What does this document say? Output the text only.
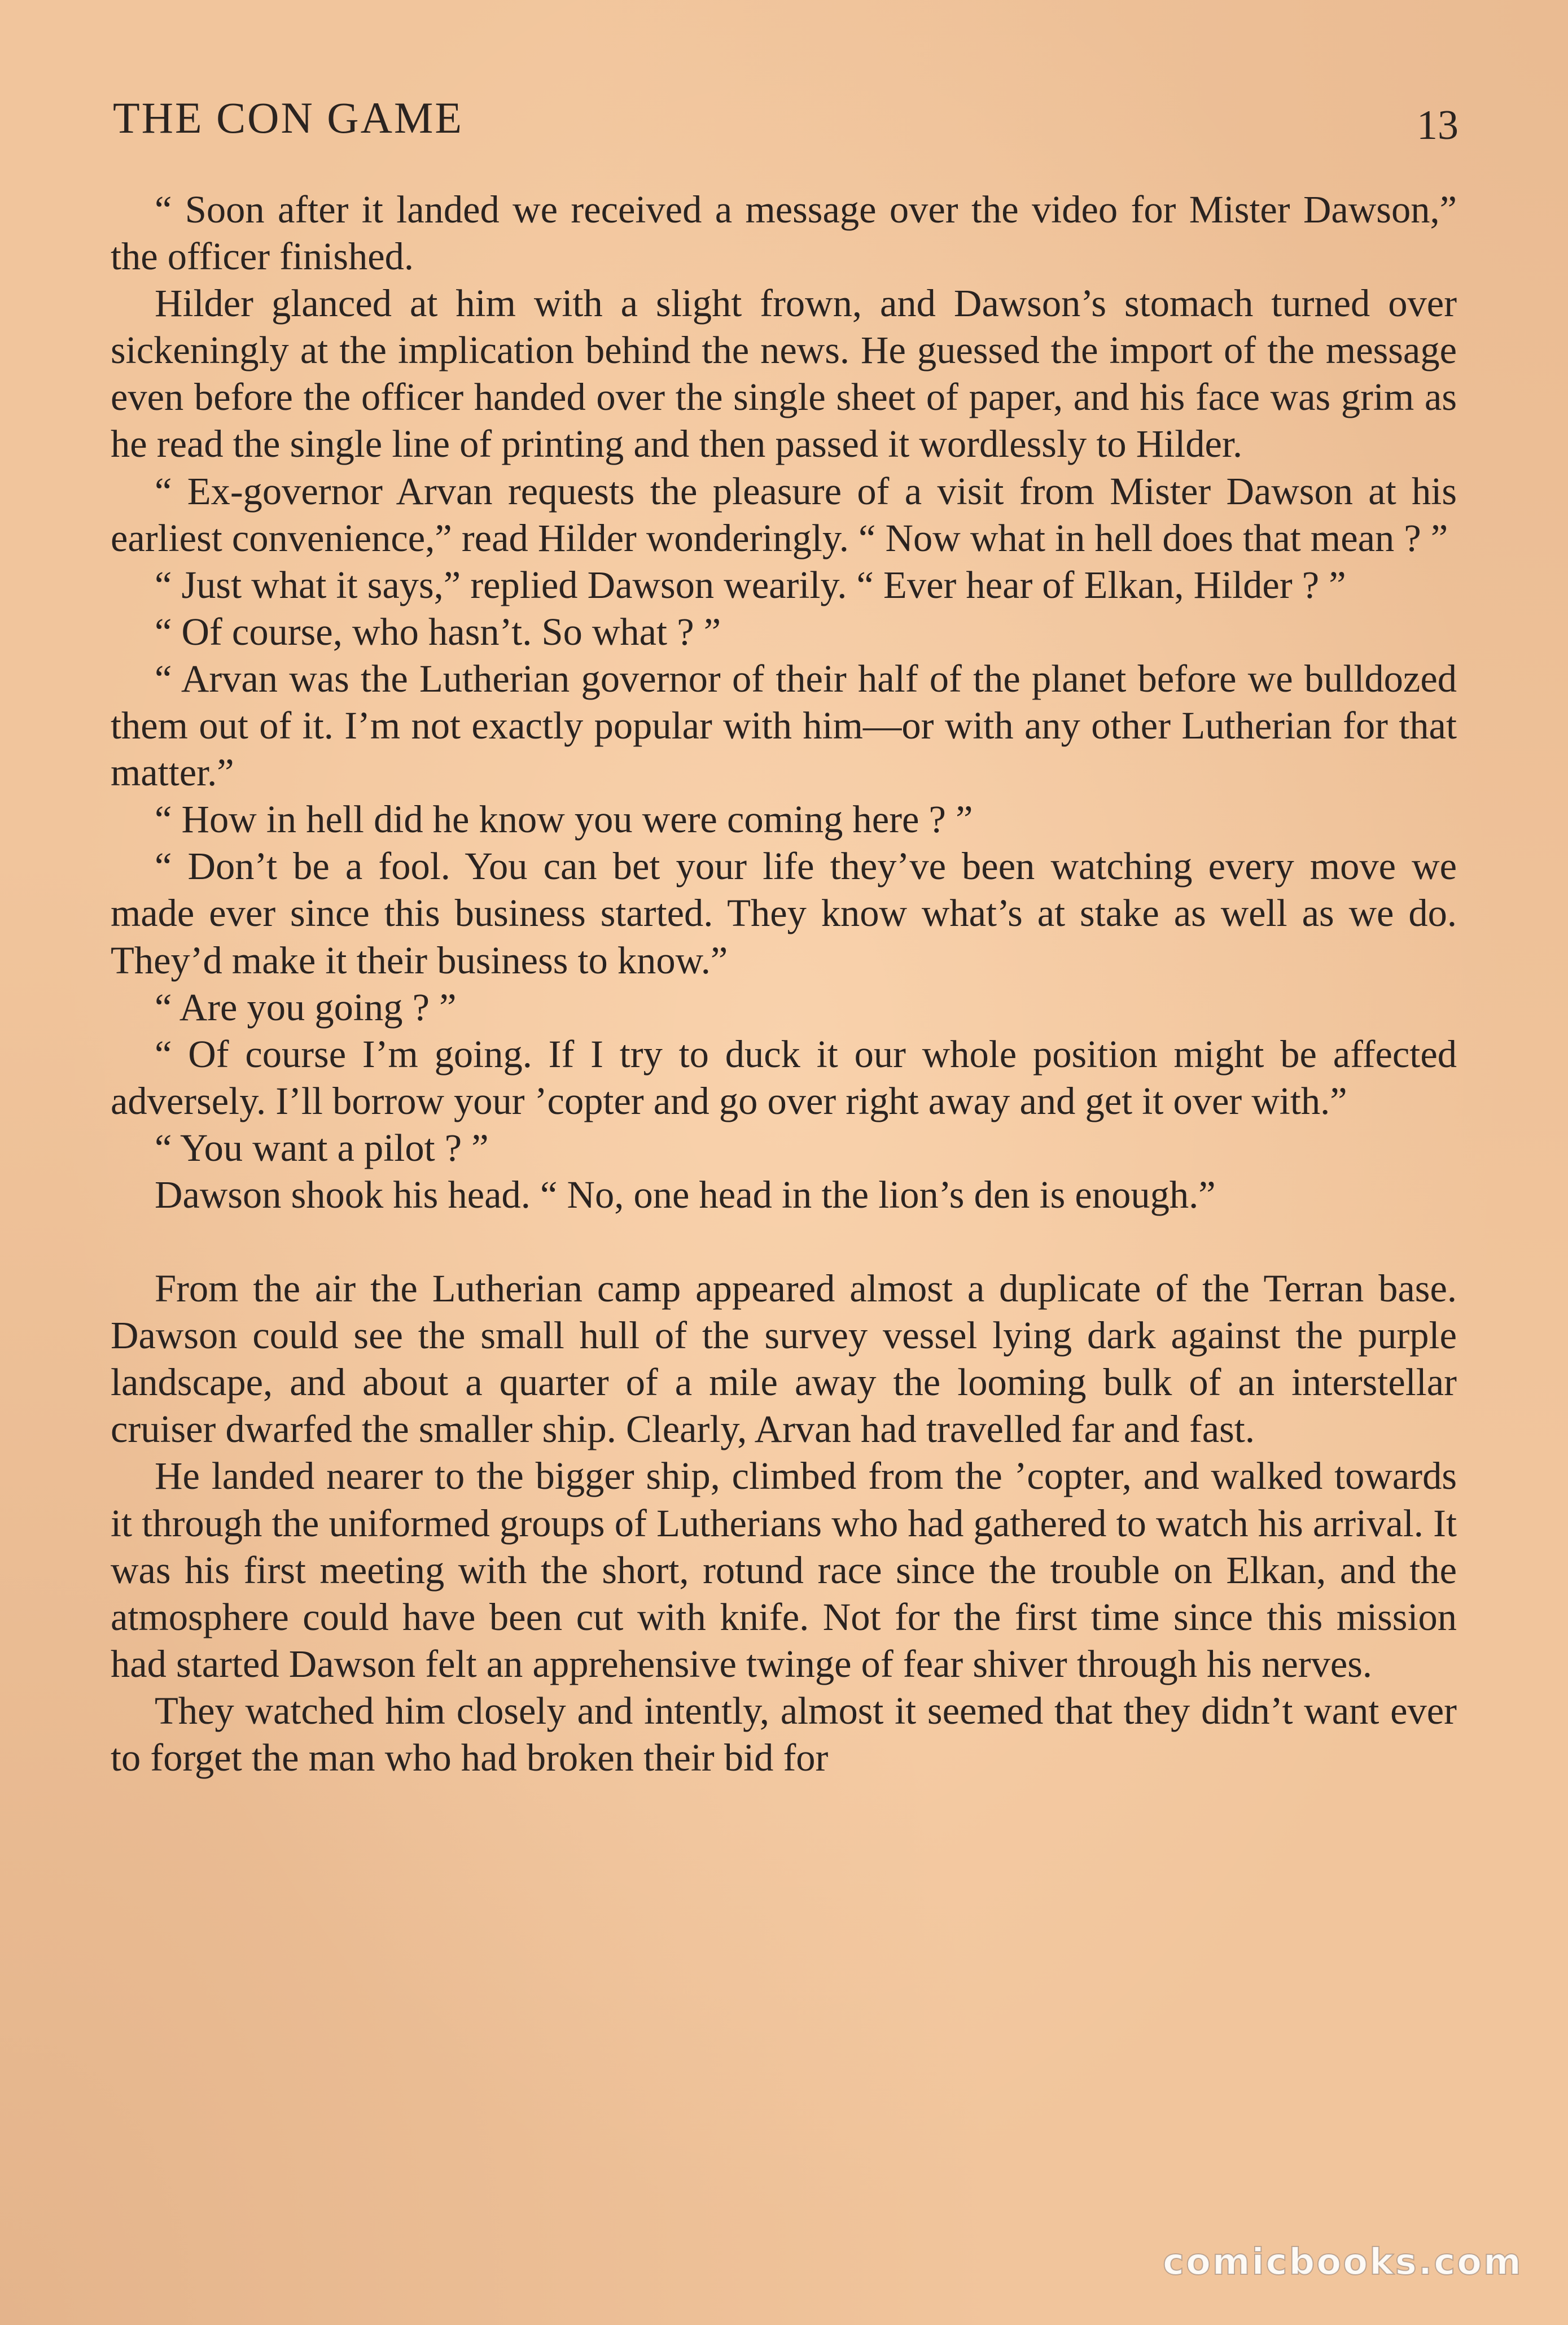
THE CON GAME	13

“ Soon after it landed we received a message over the video for Mister Dawson,” the officer finished.

Hilder glanced at him with a slight frown, and Dawson’s stomach turned over sickeningly at the implication behind the news. He guessed the import of the message even before the officer handed over the single sheet of paper, and his face was grim as he read the single line of printing and then passed it wordlessly to Hilder.

“ Ex-governor Arvan requests the pleasure of a visit from Mister Dawson at his earliest convenience,” read Hilder wonderingly. “ Now what in hell does that mean ? ”

“ Just what it says,” replied Dawson wearily. “ Ever hear of Elkan, Hilder ? ”

“ Of course, who hasn’t. So what ? ”

“ Arvan was the Lutherian governor of their half of the planet before we bulldozed them out of it. I’m not exactly popular with him—or with any other Lutherian for that matter.”

“ How in hell did he know you were coming here ? ”

“ Don’t be a fool. You can bet your life they’ve been watching every move we made ever since this business started. They know what’s at stake as well as we do. They’d make it their business to know.”

“ Are you going ? ”

“ Of course I’m going. If I try to duck it our whole position might be affected adversely. I’ll borrow your ’copter and go over right away and get it over with.”

“ You want a pilot ? ”

Dawson shook his head. “ No, one head in the lion’s den is enough.”

From the air the Lutherian camp appeared almost a duplicate of the Terran base. Dawson could see the small hull of the survey vessel lying dark against the purple landscape, and about a quarter of a mile away the looming bulk of an interstellar cruiser dwarfed the smaller ship. Clearly, Arvan had travelled far and fast.

He landed nearer to the bigger ship, climbed from the ’copter, and walked towards it through the uniformed groups of Lutherians who had gathered to watch his arrival. It was his first meeting with the short, rotund race since the trouble on Elkan, and the atmosphere could have been cut with knife. Not for the first time since this mission had started Dawson felt an apprehensive twinge of fear shiver through his nerves.

They watched him closely and intently, almost it seemed that they didn’t want ever to forget the man who had broken their bid for

comicbooks.com
